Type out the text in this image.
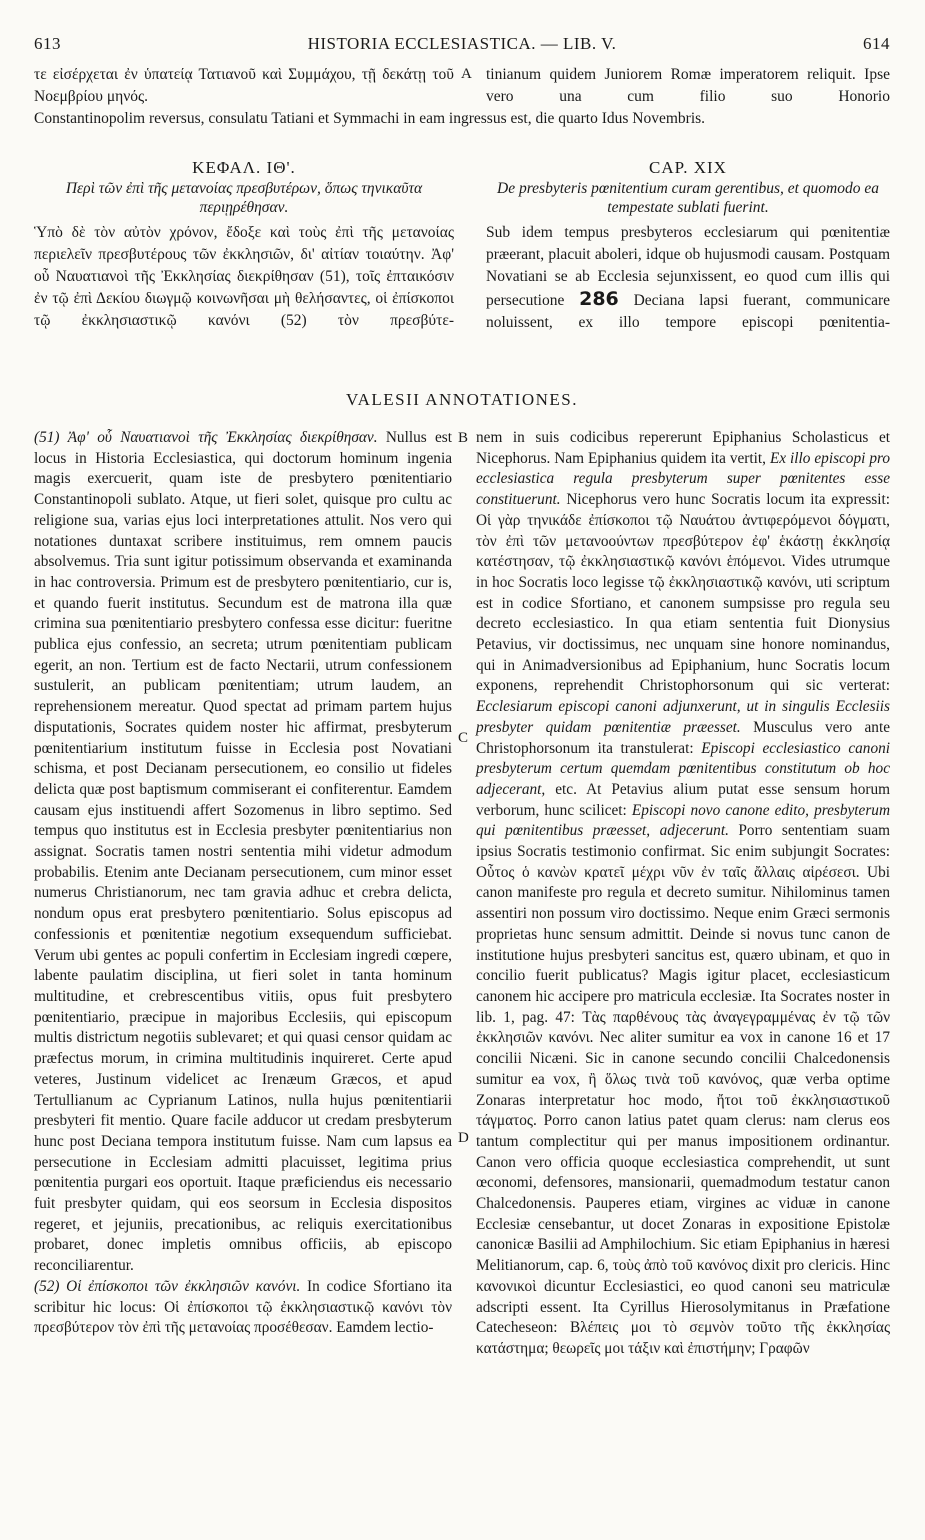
613	HISTORIA ECCLESIASTICA. — LIB. V.	614
τε εἰσέρχεται ἐν ὑπατείᾳ Τατιανοῦ καὶ Συμμάχου, τῇ δεκάτῃ τοῦ Νοεμβρίου μηνός.
A tinianum quidem Juniorem Romæ imperatorem reliquit. Ipse vero una cum filio suo Honorio
Constantinopolim reversus, consulatu Tatiani et Symmachi in eam ingressus est, die quarto Idus Novembris.
ΚΕΦΑΛ. ΙΘ'.	CAP. XIX
Περὶ τῶν ἐπὶ τῆς μετανοίας πρεσβυτέρων, ὅπως τηνικαῦτα περιῃρέθησαν.
De presbyteris pœnitentium curam gerentibus, et quomodo ea tempestate sublati fuerint.
Ὑπὸ δὲ τὸν αὐτὸν χρόνον, ἔδοξε καὶ τοὺς ἐπὶ τῆς μετανοίας περιελεῖν πρεσβυτέρους τῶν ἐκκλησιῶν, δι' αἰτίαν τοιαύτην. Ἀφ' οὗ Ναυατιανοὶ τῆς Ἐκκλησίας διεκρίθησαν (51), τοῖς ἐπταικόσιν ἐν τῷ ἐπὶ Δεκίου διωγμῷ κοινωνῆσαι μὴ θελήσαντες, οἱ ἐπίσκοποι τῷ ἐκκλησιαστικῷ κανόνι (52) τὸν πρεσβύτε-
Sub idem tempus presbyteros ecclesiarum qui pœnitentiæ præerant, placuit aboleri, idque ob hujusmodi causam. Postquam Novatiani se ab Ecclesia sejunxissent, eo quod cum illis qui persecutione 286 Deciana lapsi fuerant, communicare noluissent, ex illo tempore episcopi pœnitentia-
VALESII ANNOTATIONES.
B
C
D

(51) Ἀφ' οὗ Ναυατιανοὶ τῆς Ἐκκλησίας διεκρίθησαν. Nullus est locus in Historia Ecclesiastica, qui doctorum hominum ingenia magis exercuerit, quam iste de presbytero pœnitentiario Constantinopoli sublato. Atque, ut fieri solet, quisque pro cultu ac religione sua, varias ejus loci interpretationes attulit. Nos vero qui notationes duntaxat scribere instituimus, rem omnem paucis absolvemus. Tria sunt igitur potissimum observanda et examinanda in hac controversia. Primum est de presbytero pœnitentiario, cur is, et quando fuerit institutus. Secundum est de matrona illa quæ crimina sua pœnitentiario presbytero confessa esse dicitur: fueritne publica ejus confessio, an secreta; utrum pœnitentiam publicam egerit, an non. Tertium est de facto Nectarii, utrum confessionem sustulerit, an publicam pœnitentiam; utrum laudem, an reprehensionem mereatur. Quod spectat ad primam partem hujus disputationis, Socrates quidem noster hic affirmat, presbyterum pœnitentiarium institutum fuisse in Ecclesia post Novatiani schisma, et post Decianam persecutionem, eo consilio ut fideles delicta quæ post baptismum commiserant ei confiterentur. Eamdem causam ejus instituendi affert Sozomenus in libro septimo. Sed tempus quo institutus est in Ecclesia presbyter pœnitentiarius non assignat. Socratis tamen nostri sententia mihi videtur admodum probabilis. Etenim ante Decianam persecutionem, cum minor esset numerus Christianorum, nec tam gravia adhuc et crebra delicta, nondum opus erat presbytero pœnitentiario. Solus episcopus ad confessionis et pœnitentiæ negotium exsequendum sufficiebat. Verum ubi gentes ac populi confertim in Ecclesiam ingredi cœpere, labente paulatim disciplina, ut fieri solet in tanta hominum multitudine, et crebrescentibus vitiis, opus fuit presbytero pœnitentiario, præcipue in majoribus Ecclesiis, qui episcopum multis districtum negotiis sublevaret; et qui quasi censor quidam ac præfectus morum, in crimina multitudinis inquireret. Certe apud veteres, Justinum videlicet ac Irenæum Græcos, et apud Tertullianum ac Cyprianum Latinos, nulla hujus pœnitentiarii presbyteri fit mentio. Quare facile adducor ut credam presbyterum hunc post Deciana tempora institutum fuisse. Nam cum lapsus ea persecutione in Ecclesiam admitti placuisset, legitima prius pœnitentia purgari eos oportuit. Itaque præficiendus eis necessario fuit presbyter quidam, qui eos seorsum in Ecclesia dispositos regeret, et jejuniis, precationibus, ac reliquis exercitationibus probaret, donec impletis omnibus officiis, ab episcopo reconciliarentur.

(52) Οἱ ἐπίσκοποι τῶν ἐκκλησιῶν κανόνι. In codice Sfortiano ita scribitur hic locus: Οἱ ἐπίσκοποι τῷ ἐκκλησιαστικῷ κανόνι τὸν πρεσβύτερον τὸν ἐπὶ τῆς μετανοίας προσέθεσαν. Eamdem lectio-

nem in suis codicibus repererunt Epiphanius Scholasticus et Nicephorus. Nam Epiphanius quidem ita vertit, Ex illo episcopi pro ecclesiastica regula presbyterum super pœnitentes esse constituerunt. Nicephorus vero hunc Socratis locum ita expressit: Οἱ γὰρ τηνικάδε ἐπίσκοποι τῷ Ναυάτου ἀντιφερόμενοι δόγματι, τὸν ἐπὶ τῶν μετανοούντων πρεσβύτερον ἐφ' ἑκάστῃ ἐκκλησίᾳ κατέστησαν, τῷ ἐκκλησιαστικῷ κανόνι ἑπόμενοι. Vides utrumque in hoc Socratis loco legisse τῷ ἐκκλησιαστικῷ κανόνι, uti scriptum est in codice Sfortiano, et canonem sumpsisse pro regula seu decreto ecclesiastico. In qua etiam sententia fuit Dionysius Petavius, vir doctissimus, nec unquam sine honore nominandus, qui in Animadversionibus ad Epiphanium, hunc Socratis locum exponens, reprehendit Christophorsonum qui sic verterat: Ecclesiarum episcopi canoni adjunxerunt, ut in singulis Ecclesiis presbyter quidam pœnitentiæ præesset. Musculus vero ante Christophorsonum ita transtulerat: Episcopi ecclesiastico canoni presbyterum certum quemdam pœnitentibus constitutum ob hoc adjecerant, etc. At Petavius alium putat esse sensum horum verborum, hunc scilicet: Episcopi novo canone edito, presbyterum qui pœnitentibus præesset, adjecerunt. Porro sententiam suam ipsius Socratis testimonio confirmat. Sic enim subjungit Socrates: Οὗτος ὁ κανὼν κρατεῖ μέχρι νῦν ἐν ταῖς ἄλλαις αἱρέσεσι. Ubi canon manifeste pro regula et decreto sumitur. Nihilominus tamen assentiri non possum viro doctissimo. Neque enim Græci sermonis proprietas hunc sensum admittit. Deinde si novus tunc canon de institutione hujus presbyteri sancitus est, quæro ubinam, et quo in concilio fuerit publicatus? Magis igitur placet, ecclesiasticum canonem hic accipere pro matricula ecclesiæ. Ita Socrates noster in lib. 1, pag. 47: Τὰς παρθένους τὰς ἀναγεγραμμένας ἐν τῷ τῶν ἐκκλησιῶν κανόνι. Nec aliter sumitur ea vox in canone 16 et 17 concilii Nicæni. Sic in canone secundo concilii Chalcedonensis sumitur ea vox, ἢ ὅλως τινὰ τοῦ κανόνος, quæ verba optime Zonaras interpretatur hoc modo, ἤτοι τοῦ ἐκκλησιαστικοῦ τάγματος. Porro canon latius patet quam clerus: nam clerus eos tantum complectitur qui per manus impositionem ordinantur. Canon vero officia quoque ecclesiastica comprehendit, ut sunt œconomi, defensores, mansionarii, quemadmodum testatur canon Chalcedonensis. Pauperes etiam, virgines ac viduæ in canone Ecclesiæ censebantur, ut docet Zonaras in expositione Epistolæ canonicæ Basilii ad Amphilochium. Sic etiam Epiphanius in hæresi Melitianorum, cap. 6, τοὺς ἀπὸ τοῦ κανόνος dixit pro clericis. Hinc κανονικοὶ dicuntur Ecclesiastici, eo quod canoni seu matriculæ adscripti essent. Ita Cyrillus Hierosolymitanus in Præfatione Catecheseon: Βλέπεις μοι τὸ σεμνὸν τοῦτο τῆς ἐκκλησίας κατάστημα; θεωρεῖς μοι τάξιν καὶ ἐπιστήμην; Γραφῶν
